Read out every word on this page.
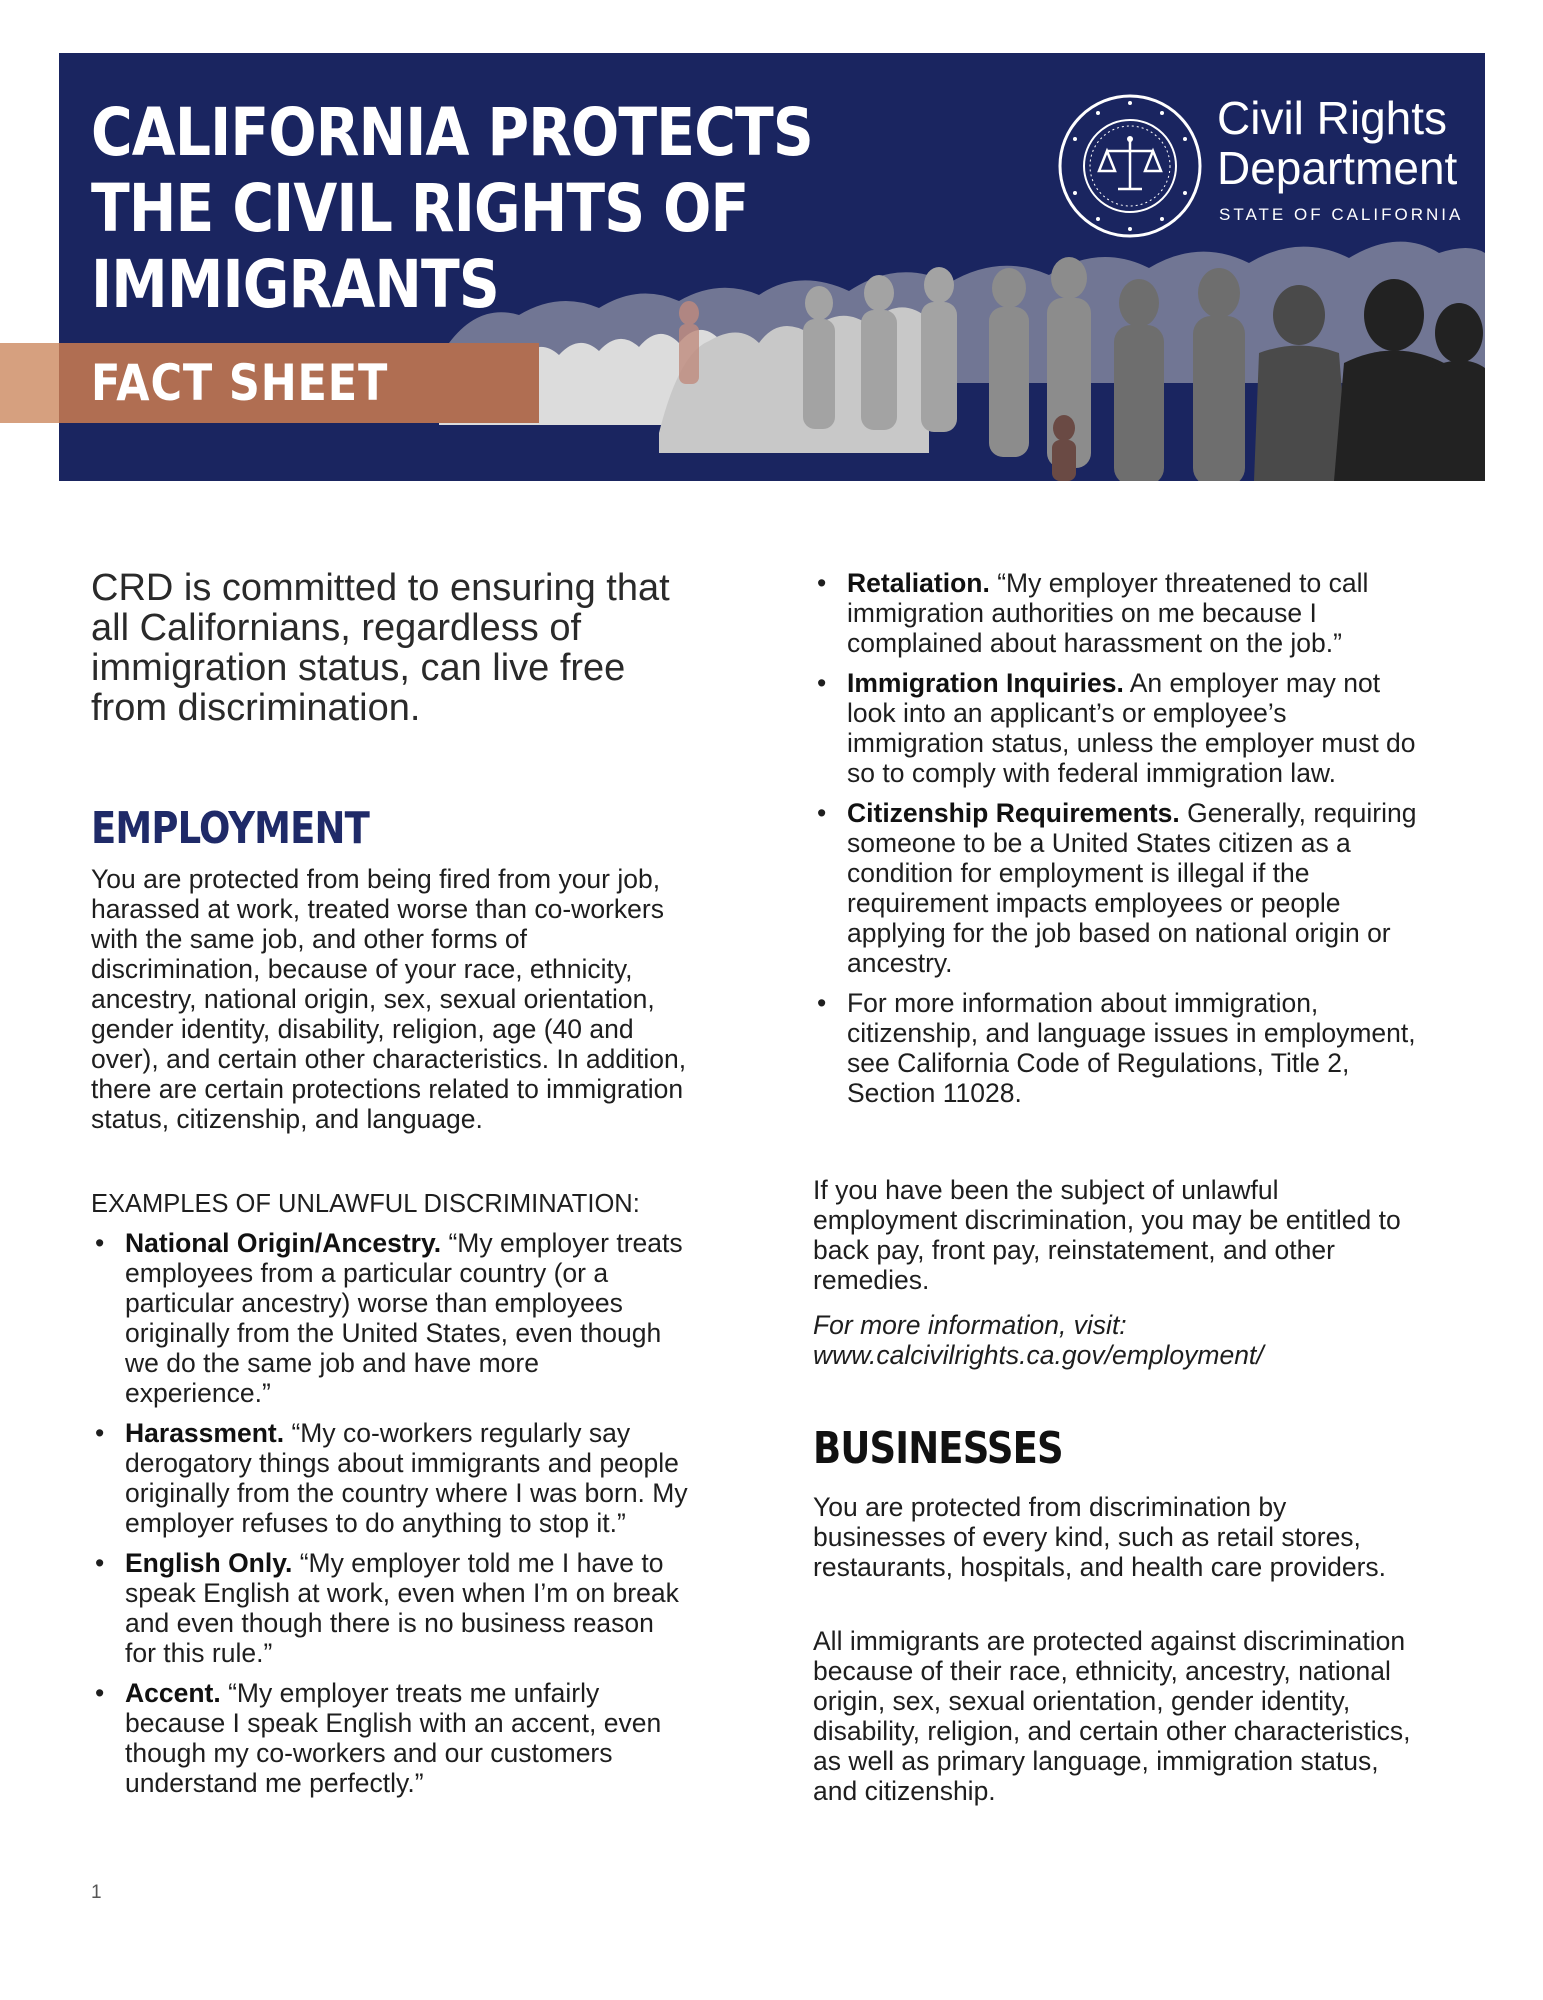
CALIFORNIA PROTECTS
THE CIVIL RIGHTS OF
IMMIGRANTS
FACT SHEET
Civil Rights
Department
STATE OF CALIFORNIA

CRD is committed to ensuring that all Californians, regardless of immigration status, can live free from discrimination.

EMPLOYMENT

You are protected from being fired from your job, harassed at work, treated worse than co-workers with the same job, and other forms of discrimination, because of your race, ethnicity, ancestry, national origin, sex, sexual orientation, gender identity, disability, religion, age (40 and over), and certain other characteristics. In addition, there are certain protections related to immigration status, citizenship, and language.

EXAMPLES OF UNLAWFUL DISCRIMINATION:

• National Origin/Ancestry. “My employer treats employees from a particular country (or a particular ancestry) worse than employees originally from the United States, even though we do the same job and have more experience.”
• Harassment. “My co-workers regularly say derogatory things about immigrants and people originally from the country where I was born. My employer refuses to do anything to stop it.”
• English Only. “My employer told me I have to speak English at work, even when I’m on break and even though there is no business reason for this rule.”
• Accent. “My employer treats me unfairly because I speak English with an accent, even though my co-workers and our customers understand me perfectly.”
• Retaliation. “My employer threatened to call immigration authorities on me because I complained about harassment on the job.”
• Immigration Inquiries. An employer may not look into an applicant’s or employee’s immigration status, unless the employer must do so to comply with federal immigration law.
• Citizenship Requirements. Generally, requiring someone to be a United States citizen as a condition for employment is illegal if the requirement impacts employees or people applying for the job based on national origin or ancestry.
• For more information about immigration, citizenship, and language issues in employment, see California Code of Regulations, Title 2, Section 11028.

If you have been the subject of unlawful employment discrimination, you may be entitled to back pay, front pay, reinstatement, and other remedies.

For more information, visit:
www.calcivilrights.ca.gov/employment/

BUSINESSES

You are protected from discrimination by businesses of every kind, such as retail stores, restaurants, hospitals, and health care providers.

All immigrants are protected against discrimination because of their race, ethnicity, ancestry, national origin, sex, sexual orientation, gender identity, disability, religion, and certain other characteristics, as well as primary language, immigration status, and citizenship.

1
